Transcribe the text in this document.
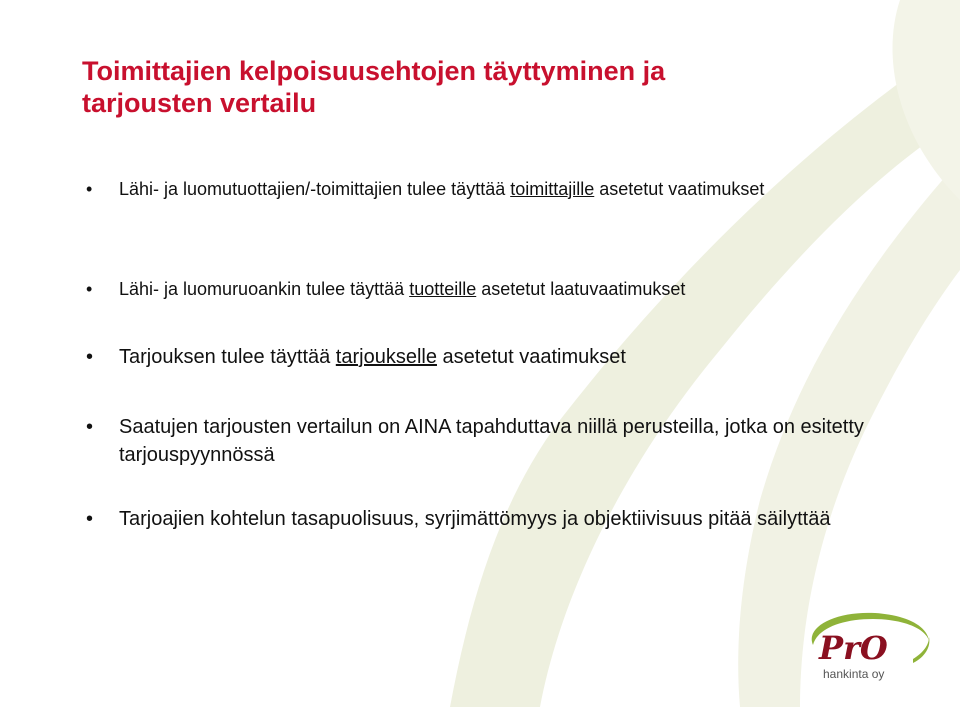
Toimittajien kelpoisuusehtojen täyttyminen ja
tarjousten vertailu
• Lähi- ja luomutuottajien/-toimittajien tulee täyttää toimittajille asetetut vaatimukset
• Lähi- ja luomuruoankin tulee täyttää tuotteille asetetut laatuvaatimukset
• Tarjouksen tulee täyttää tarjoukselle asetetut vaatimukset
• Saatujen tarjousten vertailun on AINA tapahduttava niillä perusteilla, jotka on esitetty tarjouspyynnössä
• Tarjoajien kohtelun tasapuolisuus, syrjimättömyys ja objektiivisuus pitää säilyttää
PrO
hankinta oy
